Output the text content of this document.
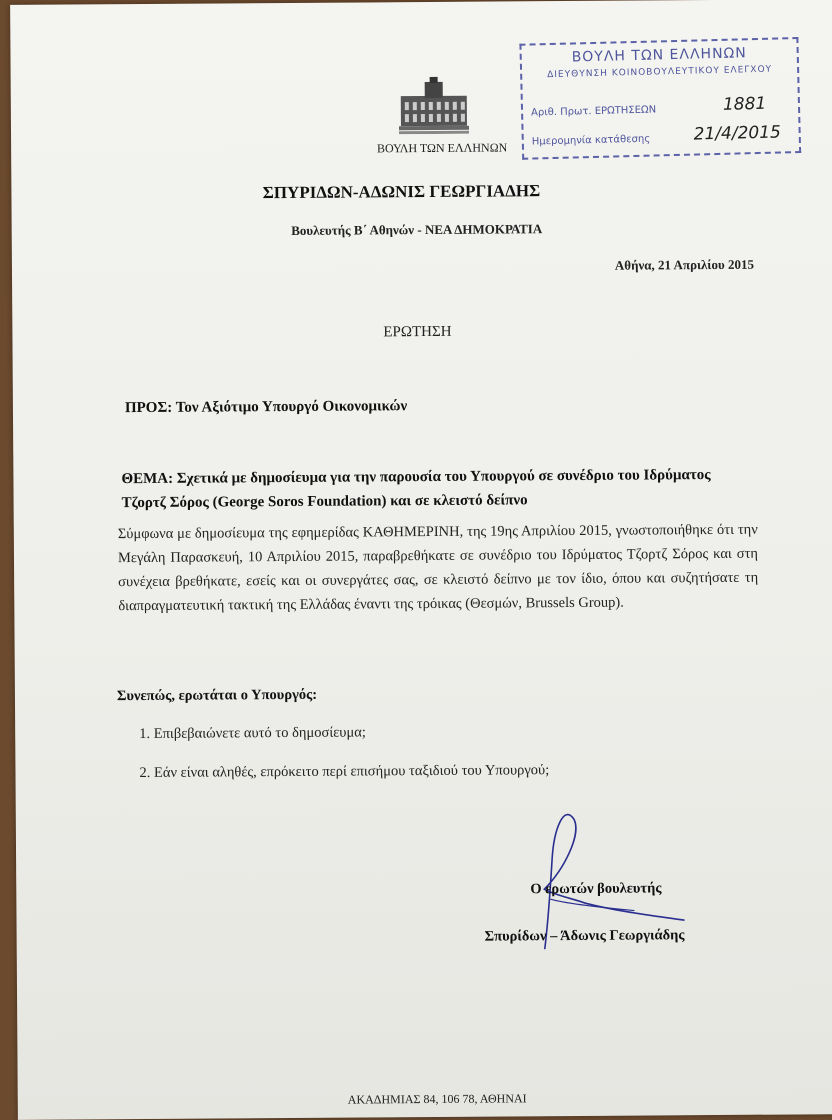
ΒΟΥΛΗ ΤΩΝ ΕΛΛΗΝΩΝ
ΔΙΕΥΘΥΝΣΗ ΚΟΙΝΟΒΟΥΛΕΥΤΙΚΟΥ ΕΛΕΓΧΟΥ
Αριθ. Πρωτ. ΕΡΩΤΗΣΕΩΝ	1881
Ημερομηνία κατάθεσης	21/4/2015
ΒΟΥΛΗ ΤΩΝ ΕΛΛΗΝΩΝ
ΣΠΥΡΙΔΩΝ-ΑΔΩΝΙΣ ΓΕΩΡΓΙΑΔΗΣ
Βουλευτής Β΄ Αθηνών - ΝΕΑ ΔΗΜΟΚΡΑΤΙΑ
Αθήνα, 21 Απριλίου 2015
ΕΡΩΤΗΣΗ
ΠΡΟΣ: Τον Αξιότιμο Υπουργό Οικονομικών
ΘΕΜΑ: Σχετικά με δημοσίευμα για την παρουσία του Υπουργού σε συνέδριο του Ιδρύματος
Τζορτζ Σόρος (George Soros Foundation) και σε κλειστό δείπνο
Σύμφωνα με δημοσίευμα της εφημερίδας ΚΑΘΗΜΕΡΙΝΗ, της 19ης Απριλίου 2015, γνωστοποιήθηκε ότι την Μεγάλη Παρασκευή, 10 Απριλίου 2015, παραβρεθήκατε σε συνέδριο του Ιδρύματος Τζορτζ Σόρος και στη συνέχεια βρεθήκατε, εσείς και οι συνεργάτες σας, σε κλειστό δείπνο με τον ίδιο, όπου και συζητήσατε τη διαπραγματευτική τακτική της Ελλάδας έναντι της τρόικας (Θεσμών, Brussels Group).
Συνεπώς, ερωτάται ο Υπουργός:
1. Επιβεβαιώνετε αυτό το δημοσίευμα;
2. Εάν είναι αληθές, επρόκειτο περί επισήμου ταξιδιού του Υπουργού;
Ο ερωτών βουλευτής
Σπυρίδων – Άδωνις Γεωργιάδης
ΑΚΑΔΗΜΙΑΣ 84, 106 78, ΑΘΗΝΑΙ
